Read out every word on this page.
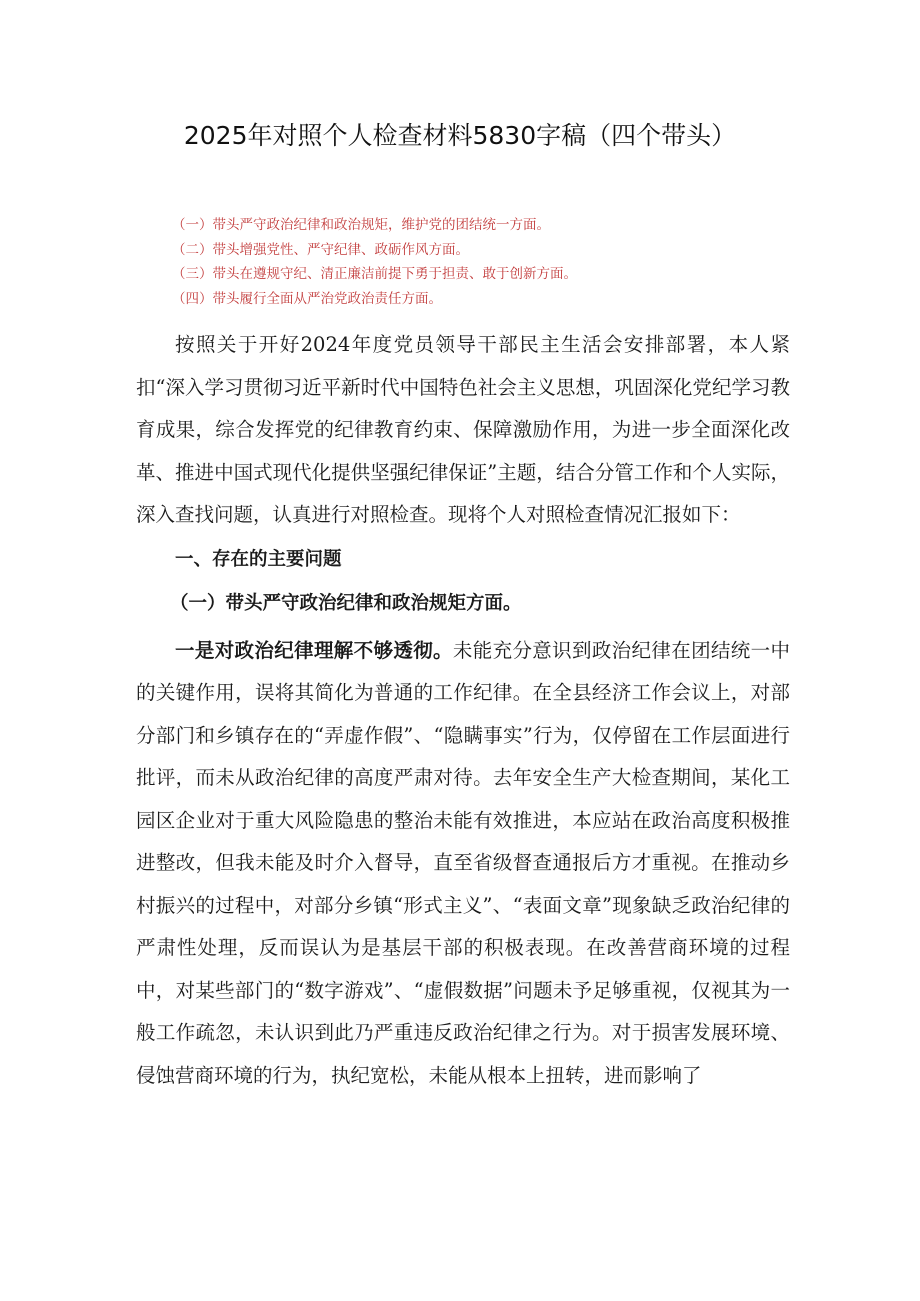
2025年对照个人检查材料5830字稿（四个带头）
（一）带头严守政治纪律和政治规矩，维护党的团结统一方面。
（二）带头增强党性、严守纪律、政砺作风方面。
（三）带头在遵规守纪、清正廉洁前提下勇于担责、敢于创新方面。
（四）带头履行全面从严治党政治责任方面。

按照关于开好2024年度党员领导干部民主生活会安排部署，本人紧扣“深入学习贯彻习近平新时代中国特色社会主义思想，巩固深化党纪学习教育成果，综合发挥党的纪律教育约束、保障激励作用，为进一步全面深化改革、推进中国式现代化提供坚强纪律保证”主题，结合分管工作和个人实际，深入查找问题，认真进行对照检查。现将个人对照检查情况汇报如下：

一、存在的主要问题

（一）带头严守政治纪律和政治规矩方面。

一是对政治纪律理解不够透彻。未能充分意识到政治纪律在团结统一中的关键作用，误将其简化为普通的工作纪律。在全县经济工作会议上，对部分部门和乡镇存在的“弄虚作假”、“隐瞒事实”行为，仅停留在工作层面进行批评，而未从政治纪律的高度严肃对待。去年安全生产大检查期间，某化工园区企业对于重大风险隐患的整治未能有效推进，本应站在政治高度积极推进整改，但我未能及时介入督导，直至省级督查通报后方才重视。在推动乡村振兴的过程中，对部分乡镇“形式主义”、“表面文章”现象缺乏政治纪律的严肃性处理，反而误认为是基层干部的积极表现。在改善营商环境的过程中，对某些部门的“数字游戏”、“虚假数据”问题未予足够重视，仅视其为一般工作疏忽，未认识到此乃严重违反政治纪律之行为。对于损害发展环境、侵蚀营商环境的行为，执纪宽松，未能从根本上扭转，进而影响了
